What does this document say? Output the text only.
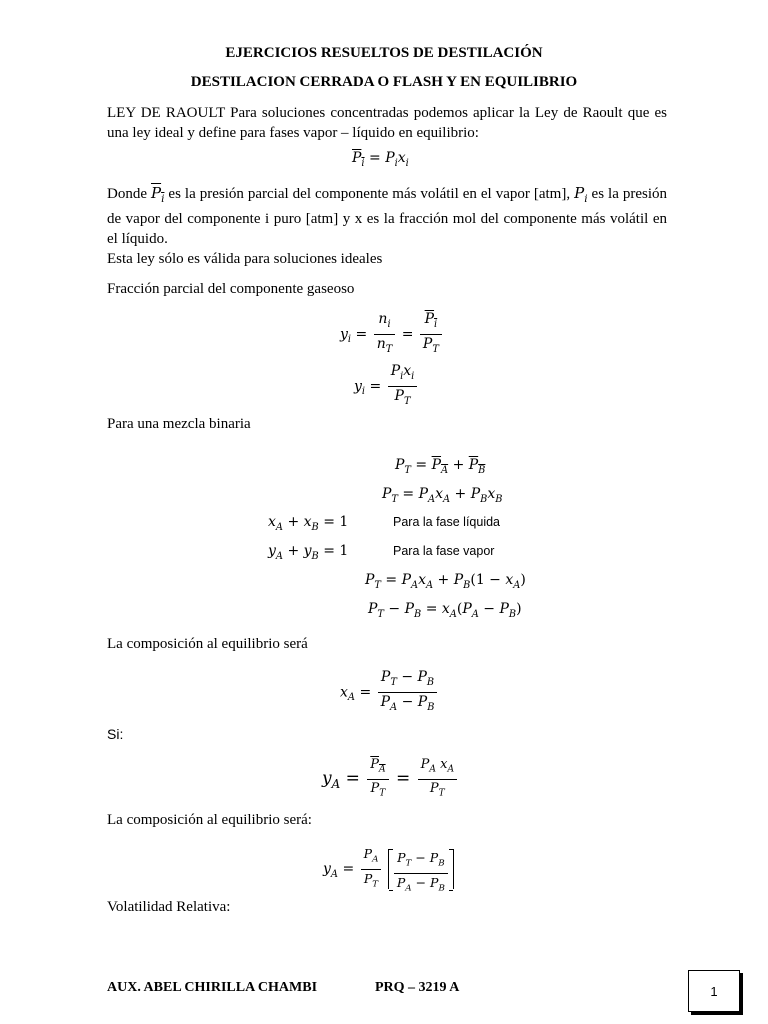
EJERCICIOS RESUELTOS DE DESTILACIÓN
DESTILACION CERRADA O FLASH Y EN EQUILIBRIO
LEY DE RAOULT Para soluciones concentradas podemos aplicar la Ley de Raoult que es una ley ideal y define para fases vapor – líquido en equilibrio:
$P_i = P_ix_i$
Donde $P_i$ es la presión parcial del componente más volátil en el vapor [atm], $P_i$ es la presión de vapor del componente i puro [atm] y x es la fracción mol del componente más volátil en el líquido.
Esta ley sólo es válida para soluciones ideales
Fracción parcial del componente gaseoso
$y_i = \frac{n_i}{n_T} = \frac{P_i}{P_T}$
$y_i = \frac{P_ix_i}{P_T}$
Para una mezcla binaria
$P_T = P_A + P_B$
$P_T = P_Ax_A + P_Bx_B$
$x_A + x_B = 1$	Para la fase líquida
$y_A + y_B = 1$	Para la fase vapor
$P_T = P_Ax_A + P_B(1 - x_A)$
$P_T - P_B = x_A(P_A - P_B)$
La composición al equilibrio será
$x_A = \frac{P_T - P_B}{P_A - P_B}$
Si:
$y_A = \frac{P_A}{P_T} = \frac{P_A x_A}{P_T}$
La composición al equilibrio será:
$y_A = \frac{P_A}{P_T}$
$\frac{P_T - P_B}{P_A - P_B}$
Volatilidad Relativa:
AUX. ABEL CHIRILLA CHAMBI	PRQ – 3219 A	1
